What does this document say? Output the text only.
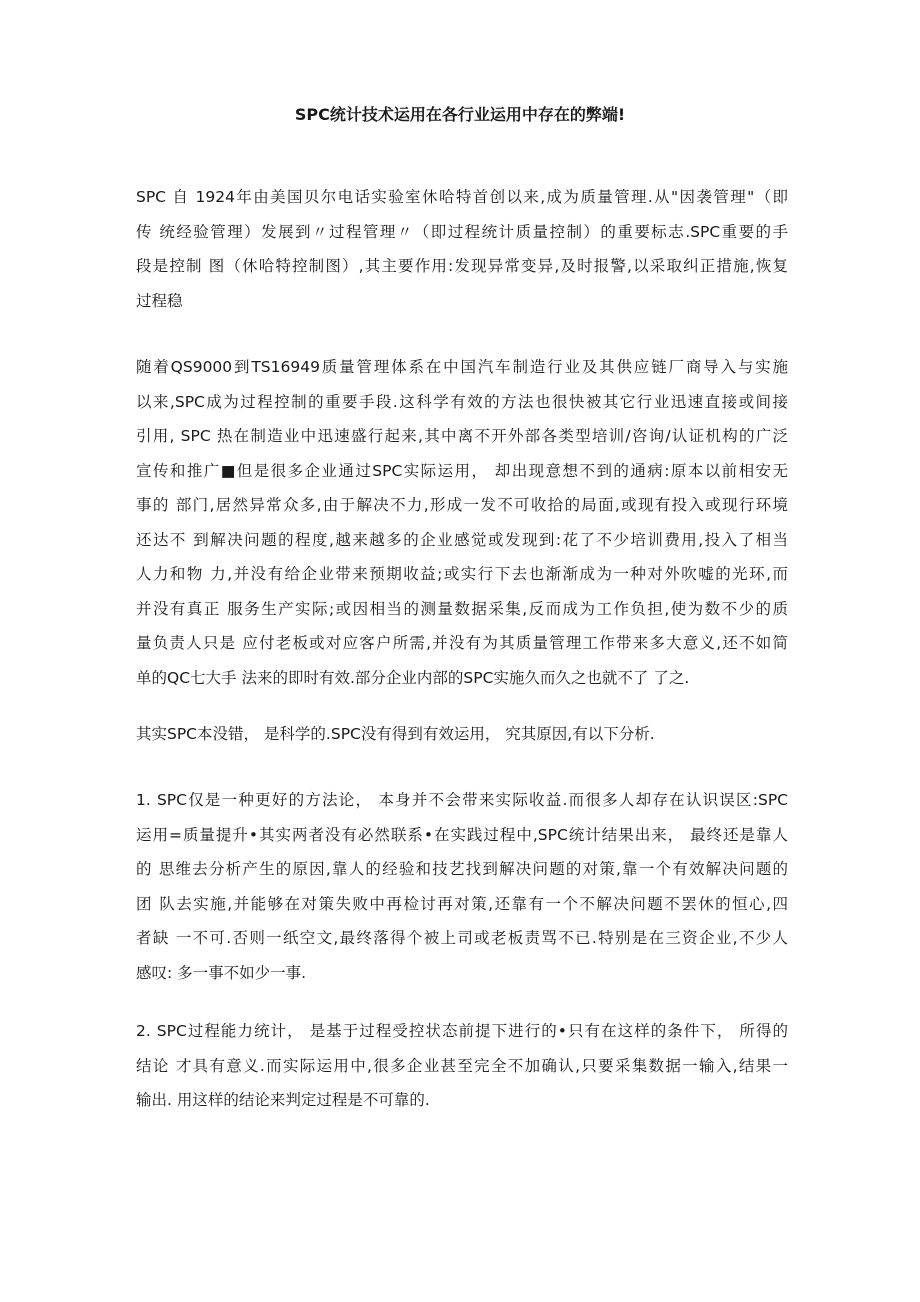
SPC统计技术运用在各行业运用中存在的弊端!
SPC 自 1924年由美国贝尔电话实验室休哈特首创以来,成为质量管理.从"因袭管理"（即
传 统经验管理）发展到〃过程管理〃（即过程统计质量控制）的重要标志.SPC重要的手
段是控制 图（休哈特控制图）,其主要作用:发现异常变异,及时报警,以采取纠正措施,恢复
过程稳
随着QS9000到TS16949质量管理体系在中国汽车制造行业及其供应链厂商导入与实施
以来,SPC成为过程控制的重要手段.这科学有效的方法也很快被其它行业迅速直接或间接
引用, SPC 热在制造业中迅速盛行起来,其中离不开外部各类型培训/咨询/认证机构的广泛
宣传和推广■但是很多企业通过SPC实际运用， 却出现意想不到的通病:原本以前相安无
事的 部门,居然异常众多,由于解决不力,形成一发不可收拾的局面,或现有投入或现行环境
还达不 到解决问题的程度,越来越多的企业感觉或发现到:花了不少培训费用,投入了相当
人力和物 力,并没有给企业带来预期收益;或实行下去也渐渐成为一种对外吹嘘的光环,而
并没有真正 服务生产实际;或因相当的测量数据采集,反而成为工作负担,使为数不少的质
量负责人只是 应付老板或对应客户所需,并没有为其质量管理工作带来多大意义,还不如简
单的QC七大手 法来的即时有效.部分企业内部的SPC实施久而久之也就不了 了之.
其实SPC本没错， 是科学的.SPC没有得到有效运用， 究其原因,有以下分析.
1. SPC仅是一种更好的方法论， 本身并不会带来实际收益.而很多人却存在认识误区:SPC
运用=质量提升•其实两者没有必然联系•在实践过程中,SPC统计结果出来， 最终还是靠人
的 思维去分析产生的原因,靠人的经验和技艺找到解决问题的对策,靠一个有效解决问题的
团 队去实施,并能够在对策失败中再检讨再对策,还靠有一个不解决问题不罢休的恒心,四
者缺 一不可.否则一纸空文,最终落得个被上司或老板责骂不已.特别是在三资企业,不少人
感叹: 多一事不如少一事.
2. SPC过程能力统计， 是基于过程受控状态前提下进行的•只有在这样的条件下， 所得的
结论 才具有意义.而实际运用中,很多企业甚至完全不加确认,只要采集数据一输入,结果一
输出. 用这样的结论来判定过程是不可靠的.
